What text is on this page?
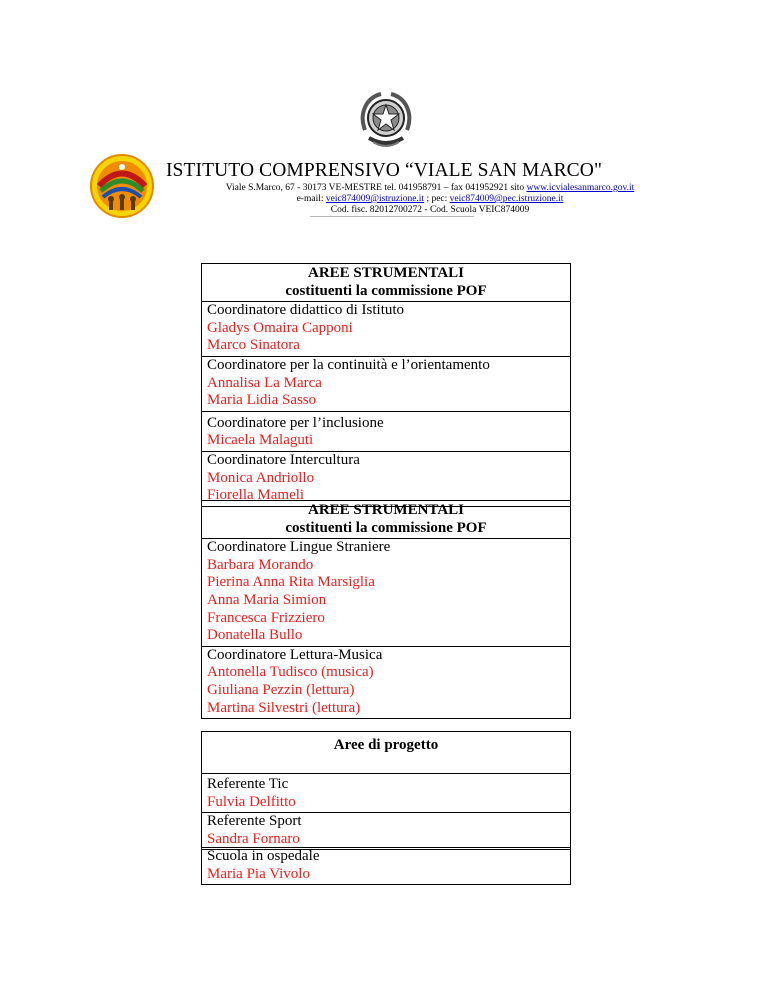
ISTITUTO COMPRENSIVO “VIALE SAN MARCO"
Viale S.Marco, 67 - 30173 VE-MESTRE tel. 041958791 – fax 041952921 sito www.icvialesanmarco.gov.it
e-mail: veic874009@istruzione.it ; pec: veic874009@pec.istruzione.it
Cod. fisc. 82012700272 - Cod. Scuola VEIC874009
AREE STRUMENTALI
costituenti la commissione POF
Coordinatore didattico di Istituto
Gladys Omaira Capponi
Marco Sinatora
Coordinatore per la continuità e l’orientamento
Annalisa La Marca
Maria Lidia Sasso
Coordinatore per l’inclusione
Micaela Malaguti
Coordinatore Intercultura
Monica Andriollo
Fiorella Mameli
AREE STRUMENTALI
costituenti la commissione POF
Coordinatore Lingue Straniere
Barbara Morando
Pierina Anna Rita Marsiglia
Anna Maria Simion
Francesca Frizziero
Donatella Bullo
Coordinatore Lettura-Musica
Antonella Tudisco (musica)
Giuliana Pezzin (lettura)
Martina Silvestri (lettura)
Aree di progetto
Referente Tic
Fulvia Delfitto
Referente Sport
Sandra Fornaro
Scuola in ospedale
Maria Pia Vivolo
